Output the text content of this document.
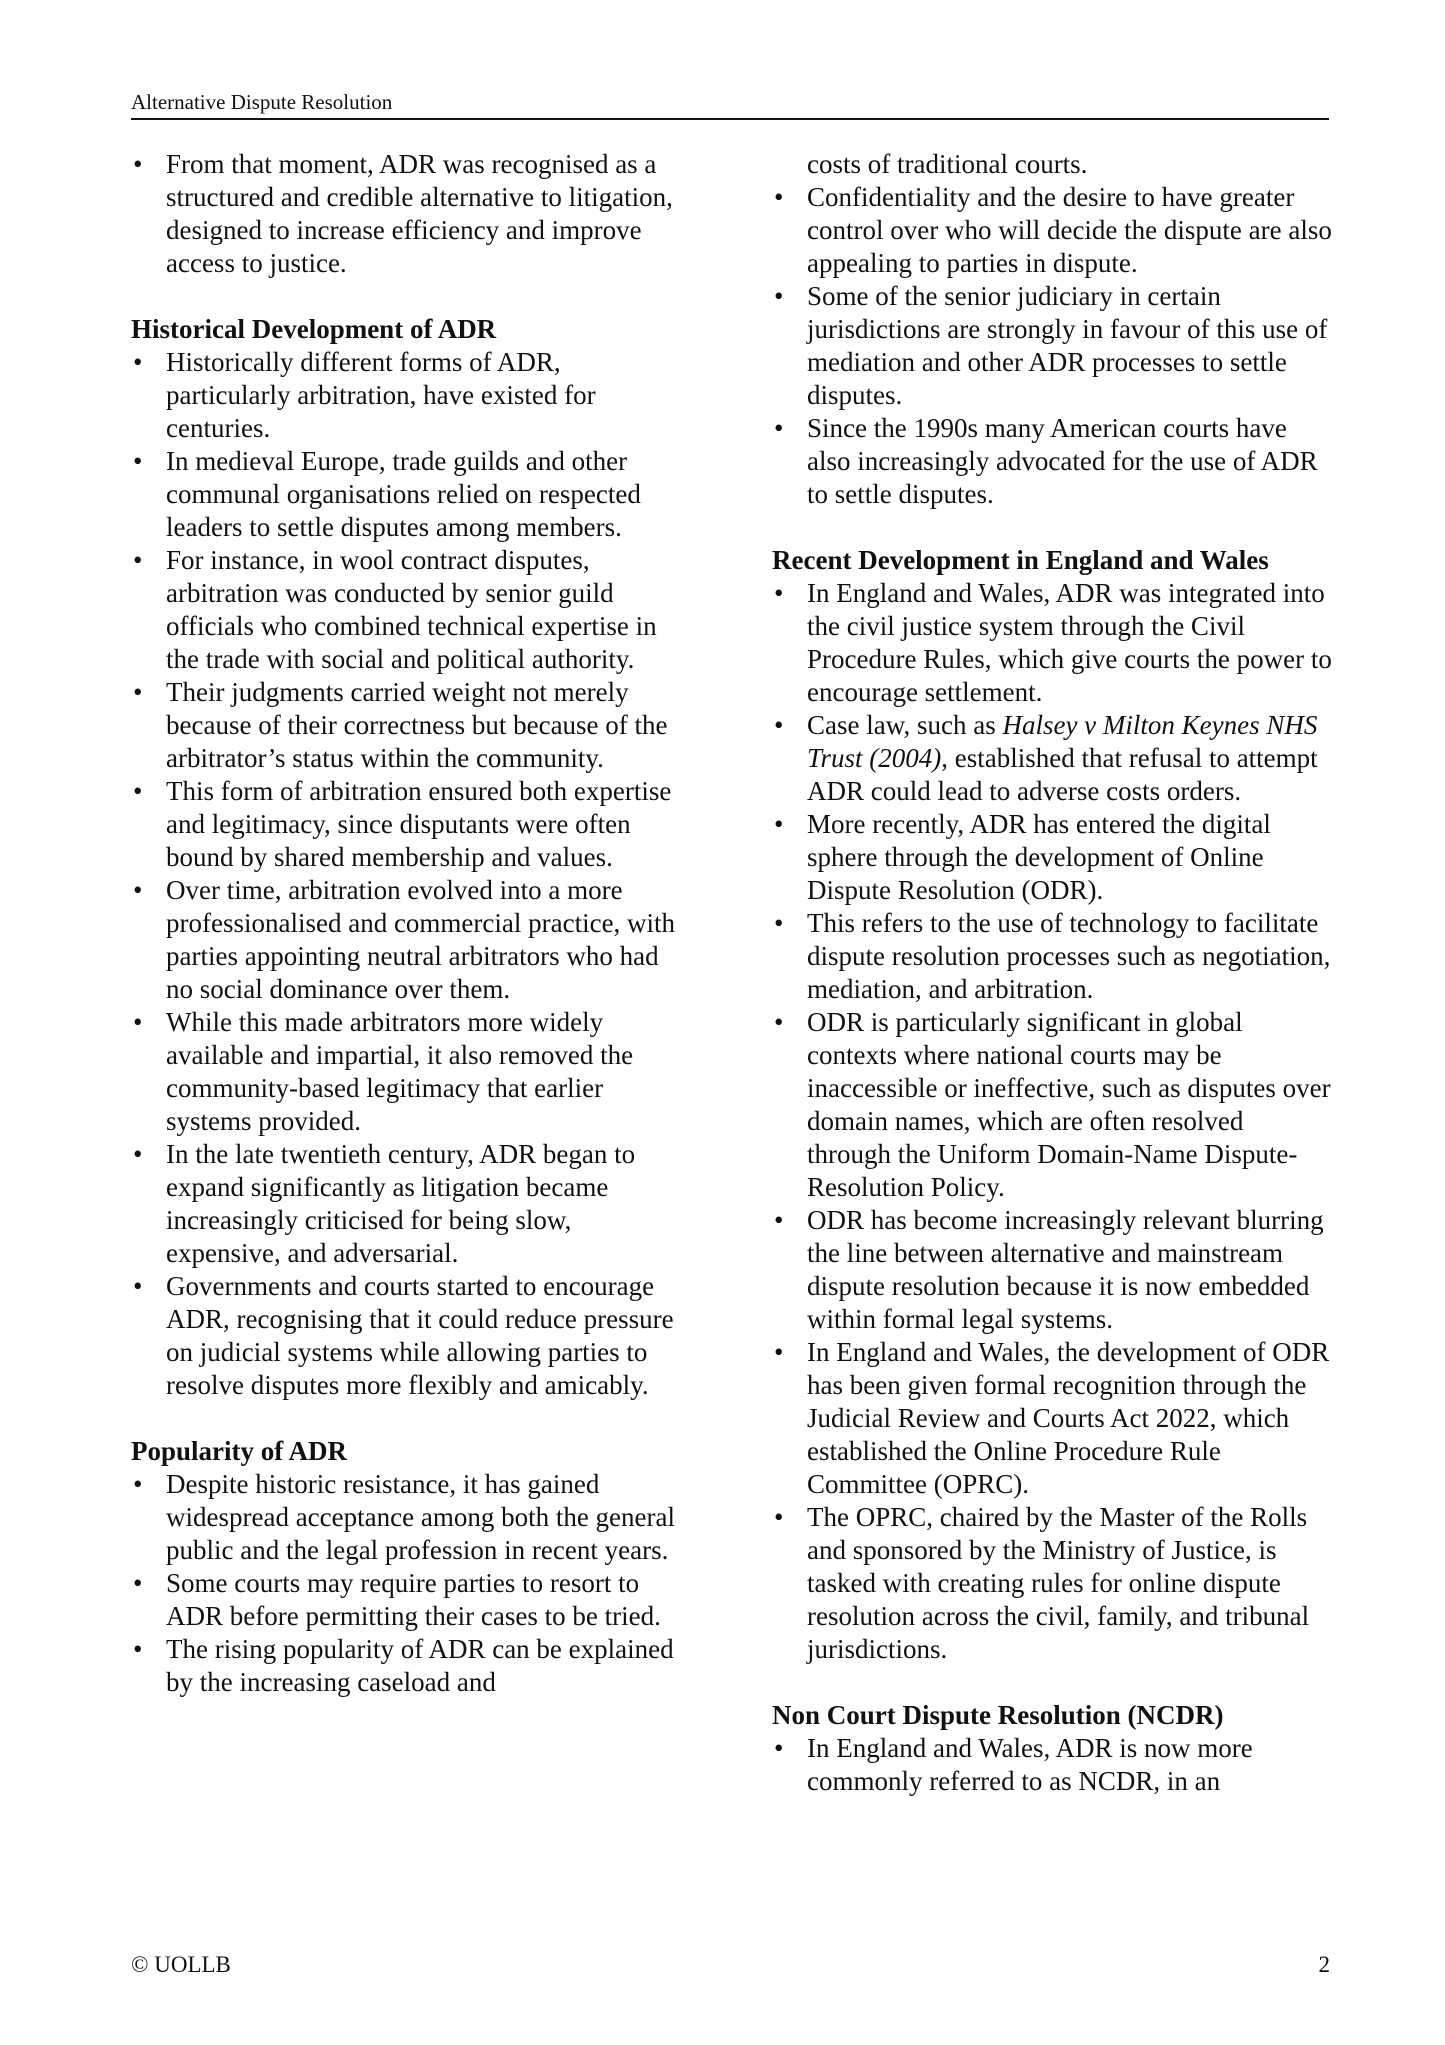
Alternative Dispute Resolution
• From that moment, ADR was recognised as a structured and credible alternative to litigation, designed to increase efficiency and improve access to justice.
Historical Development of ADR
• Historically different forms of ADR, particularly arbitration, have existed for centuries.
• In medieval Europe, trade guilds and other communal organisations relied on respected leaders to settle disputes among members.
• For instance, in wool contract disputes, arbitration was conducted by senior guild officials who combined technical expertise in the trade with social and political authority.
• Their judgments carried weight not merely because of their correctness but because of the arbitrator’s status within the community.
• This form of arbitration ensured both expertise and legitimacy, since disputants were often bound by shared membership and values.
• Over time, arbitration evolved into a more professionalised and commercial practice, with parties appointing neutral arbitrators who had no social dominance over them.
• While this made arbitrators more widely available and impartial, it also removed the community-based legitimacy that earlier systems provided.
• In the late twentieth century, ADR began to expand significantly as litigation became increasingly criticised for being slow, expensive, and adversarial.
• Governments and courts started to encourage ADR, recognising that it could reduce pressure on judicial systems while allowing parties to resolve disputes more flexibly and amicably.
Popularity of ADR
• Despite historic resistance, it has gained widespread acceptance among both the general public and the legal profession in recent years.
• Some courts may require parties to resort to ADR before permitting their cases to be tried.
• The rising popularity of ADR can be explained by the increasing caseload and
costs of traditional courts.
• Confidentiality and the desire to have greater control over who will decide the dispute are also appealing to parties in dispute.
• Some of the senior judiciary in certain jurisdictions are strongly in favour of this use of mediation and other ADR processes to settle disputes.
• Since the 1990s many American courts have also increasingly advocated for the use of ADR to settle disputes.
Recent Development in England and Wales
• In England and Wales, ADR was integrated into the civil justice system through the Civil Procedure Rules, which give courts the power to encourage settlement.
• Case law, such as Halsey v Milton Keynes NHS Trust (2004), established that refusal to attempt ADR could lead to adverse costs orders.
• More recently, ADR has entered the digital sphere through the development of Online Dispute Resolution (ODR).
• This refers to the use of technology to facilitate dispute resolution processes such as negotiation, mediation, and arbitration.
• ODR is particularly significant in global contexts where national courts may be inaccessible or ineffective, such as disputes over domain names, which are often resolved through the Uniform Domain-Name Dispute-Resolution Policy.
• ODR has become increasingly relevant blurring the line between alternative and mainstream dispute resolution because it is now embedded within formal legal systems.
• In England and Wales, the development of ODR has been given formal recognition through the Judicial Review and Courts Act 2022, which established the Online Procedure Rule Committee (OPRC).
• The OPRC, chaired by the Master of the Rolls and sponsored by the Ministry of Justice, is tasked with creating rules for online dispute resolution across the civil, family, and tribunal jurisdictions.
Non Court Dispute Resolution (NCDR)
• In England and Wales, ADR is now more commonly referred to as NCDR, in an
© UOLLB	2
